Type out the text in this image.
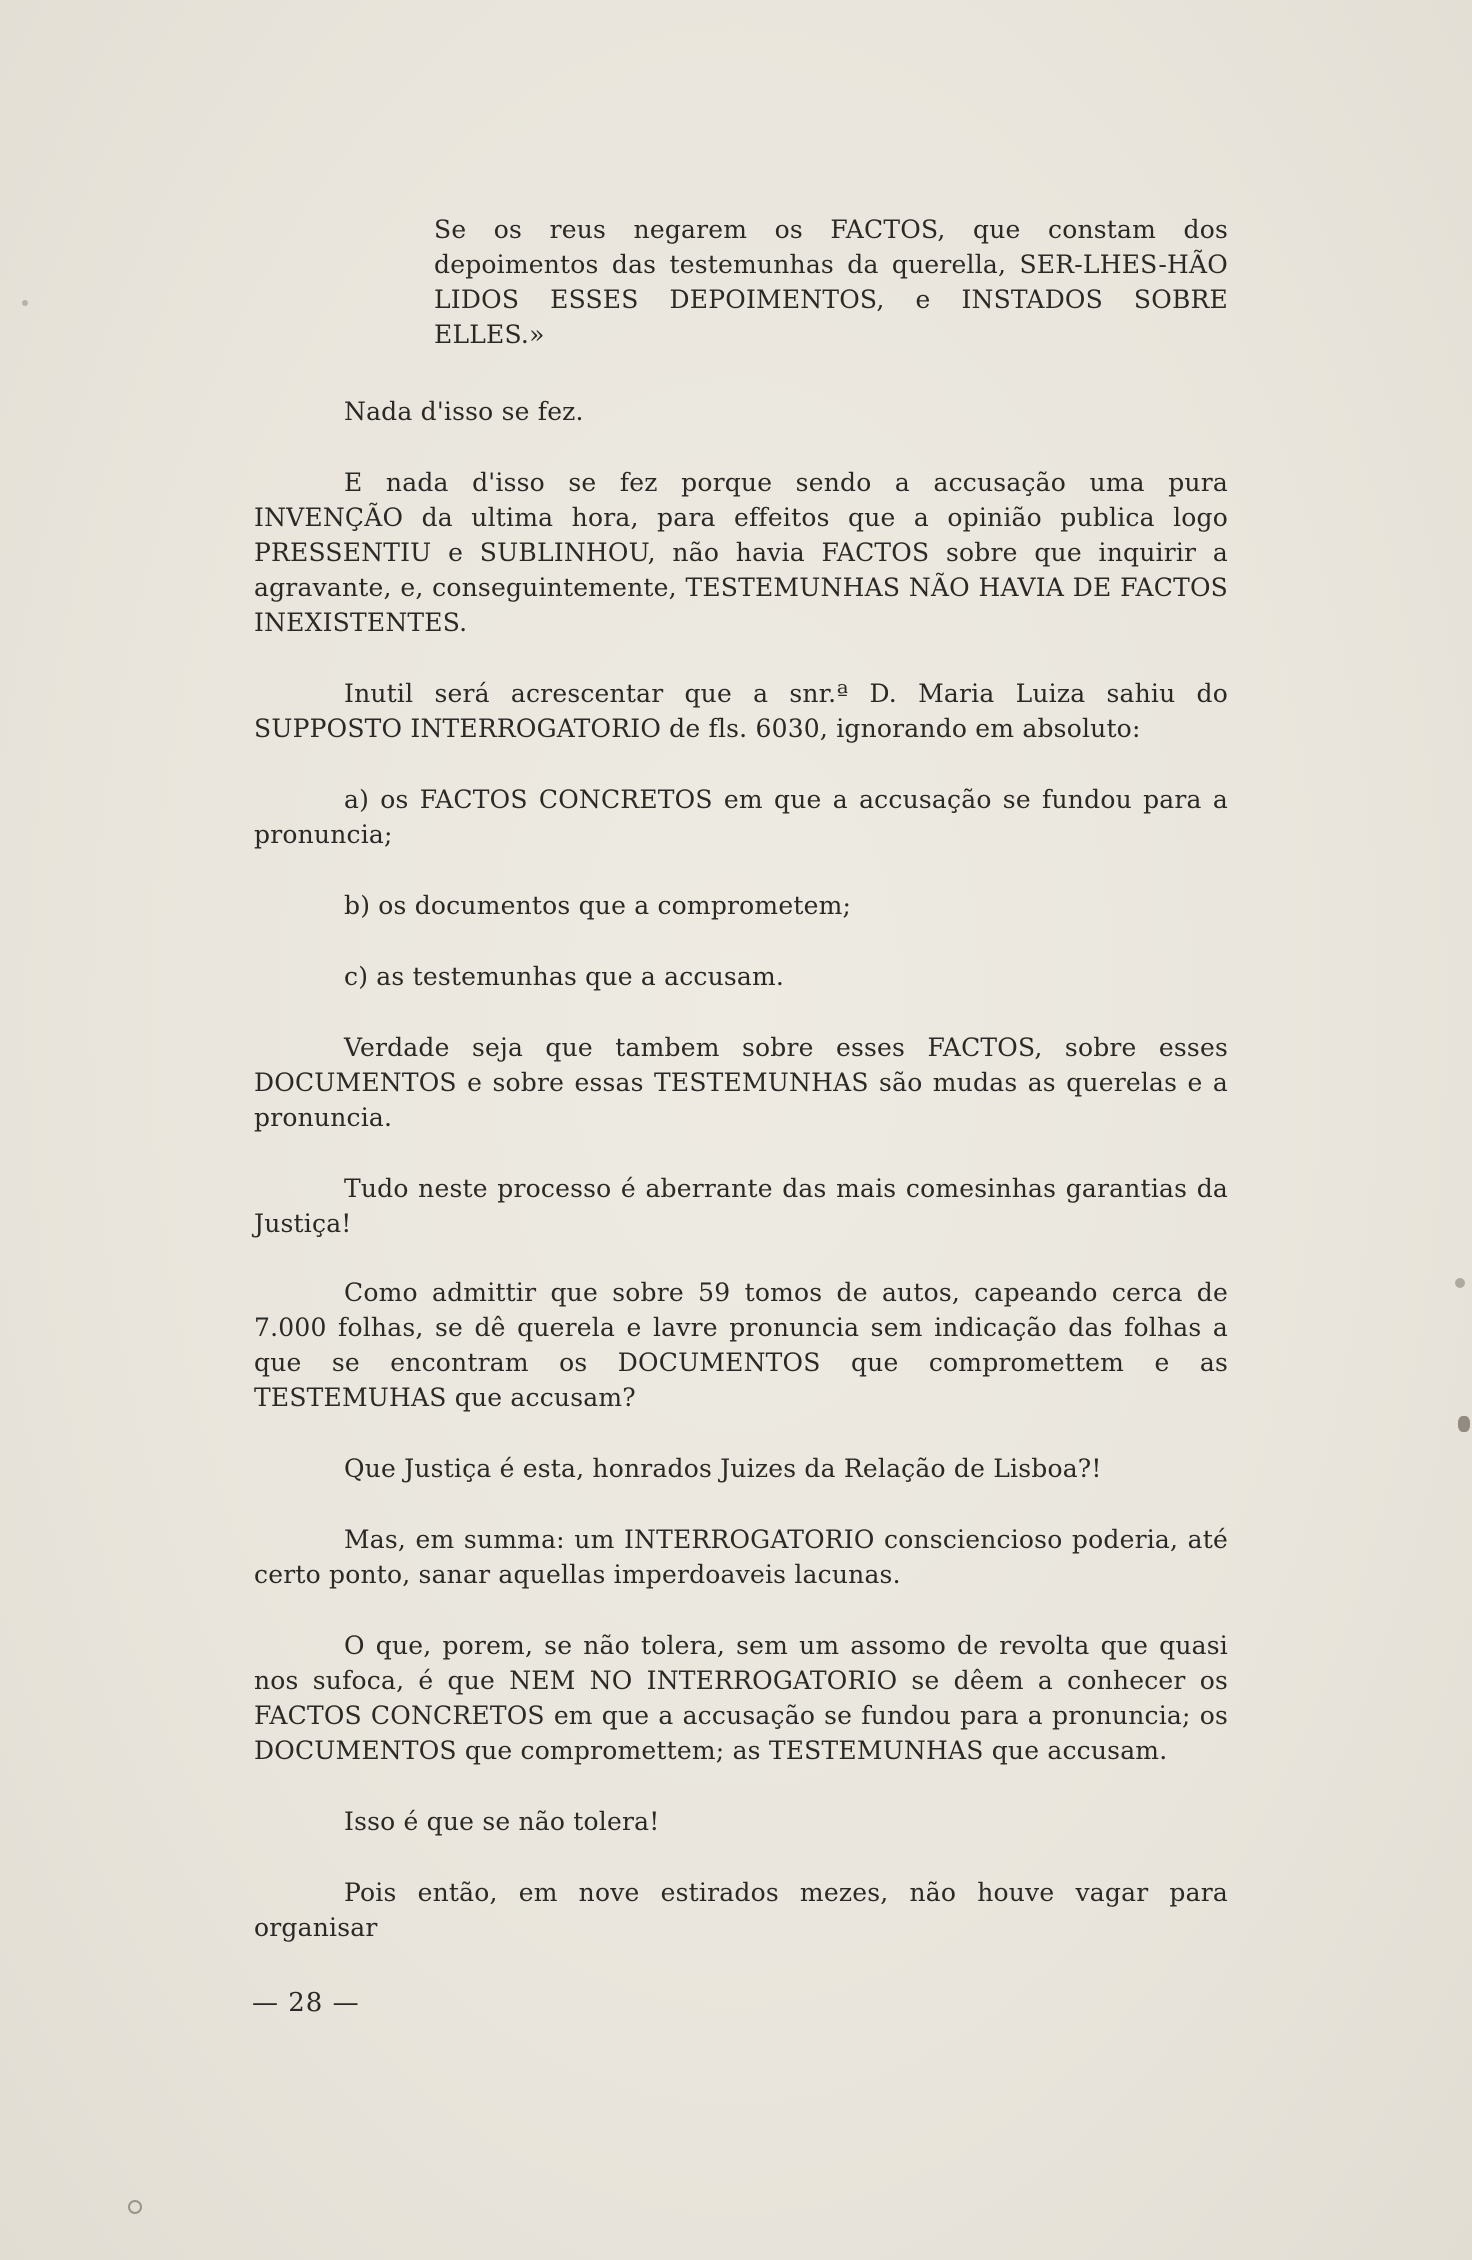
Se os reus negarem os FACTOS, que constam dos depoimentos das testemunhas da querella, SER-LHES-HÃO LIDOS ESSES DEPOIMENTOS, e INSTADOS SOBRE ELLES.»

Nada d'isso se fez.

E nada d'isso se fez porque sendo a accusação uma pura INVENÇÃO da ultima hora, para effeitos que a opinião publica logo PRESSENTIU e SUBLINHOU, não havia FACTOS sobre que inquirir a agravante, e, conseguintemente, TESTEMUNHAS NÃO HAVIA DE FACTOS INEXISTENTES.

Inutil será acrescentar que a snr.ª D. Maria Luiza sahiu do SUPPOSTO INTERROGATORIO de fls. 6030, ignorando em absoluto:

a) os FACTOS CONCRETOS em que a accusação se fundou para a pronuncia;

b) os documentos que a comprometem;

c) as testemunhas que a accusam.

Verdade seja que tambem sobre esses FACTOS, sobre esses DOCUMENTOS e sobre essas TESTEMUNHAS são mudas as querelas e a pronuncia.

Tudo neste processo é aberrante das mais comesinhas garantias da Justiça!

Como admittir que sobre 59 tomos de autos, capeando cerca de 7.000 folhas, se dê querela e lavre pronuncia sem indicação das folhas a que se encontram os DOCUMENTOS que compromettem e as TESTEMUHAS que accusam?

Que Justiça é esta, honrados Juizes da Relação de Lisboa?!

Mas, em summa: um INTERROGATORIO consciencioso poderia, até certo ponto, sanar aquellas imperdoaveis lacunas.

O que, porem, se não tolera, sem um assomo de revolta que quasi nos sufoca, é que NEM NO INTERROGATORIO se dêem a conhecer os FACTOS CONCRETOS em que a accusação se fundou para a pronuncia; os DOCUMENTOS que compromettem; as TESTEMUNHAS que accusam.

Isso é que se não tolera!

Pois então, em nove estirados mezes, não houve vagar para organisar

— 28 —
